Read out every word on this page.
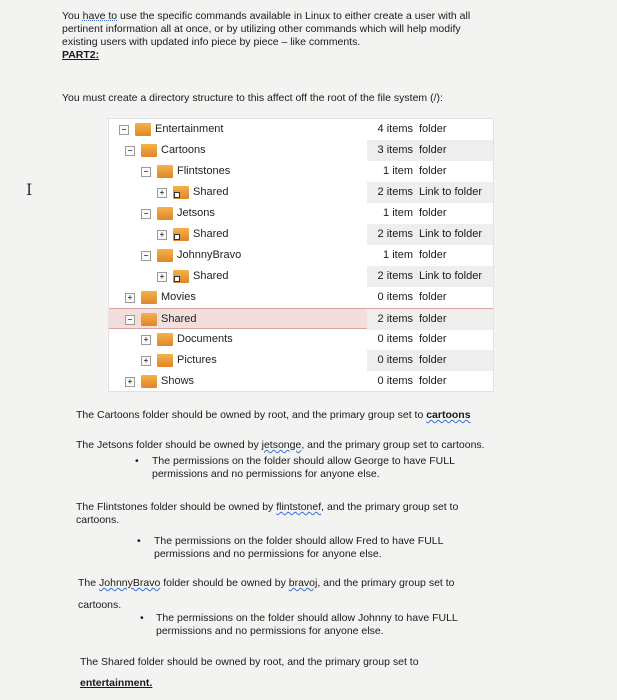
You have to use the specific commands available in Linux to either create a user with all

pertinent information all at once, or by utilizing other commands which will help modify

existing users with updated info piece by piece – like comments.

PART2:

You must create a directory structure to this affect off the root of the file system (/):

I
−	Entertainment	4 items folder
−	Cartoons	3 items folder
−	Flintstones	1 item folder
+	Shared	2 items Link to folder
−	Jetsons	1 item folder
+	Shared	2 items Link to folder
−	JohnnyBravo	1 item folder
+	Shared	2 items Link to folder
+	Movies	0 items folder
−	Shared	2 items folder
+	Documents	0 items folder
+	Pictures	0 items folder
+	Shows	0 items folder

The Cartoons folder should be owned by root, and the primary group set to cartoons

The Jetsons folder should be owned by jetsonge, and the primary group set to cartoons.

• The permissions on the folder should allow George to have FULL

permissions and no permissions for anyone else.

The Flintstones folder should be owned by flintstonef, and the primary group set to

cartoons.

• The permissions on the folder should allow Fred to have FULL

permissions and no permissions for anyone else.

The JohnnyBravo folder should be owned by bravoj, and the primary group set to

cartoons.

• The permissions on the folder should allow Johnny to have FULL

permissions and no permissions for anyone else.

The Shared folder should be owned by root, and the primary group set to

entertainment.
